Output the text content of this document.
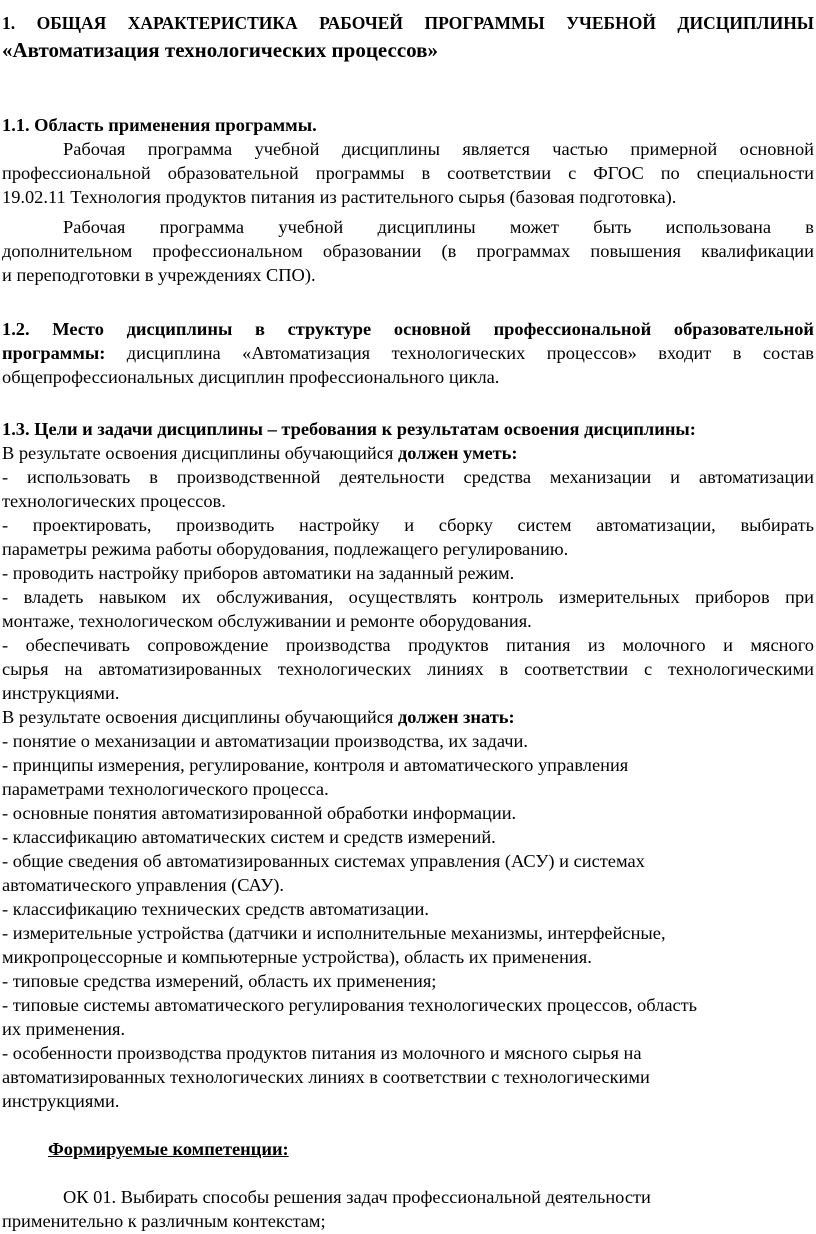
1. ОБЩАЯ ХАРАКТЕРИСТИКА РАБОЧЕЙ ПРОГРАММЫ УЧЕБНОЙ ДИСЦИПЛИНЫ
«Автоматизация технологических процессов»
1.1. Область применения программы.
Рабочая программа учебной дисциплины является частью примерной основной
профессиональной образовательной программы в соответствии с ФГОС по специальности
19.02.11 Технология продуктов питания из растительного сырья (базовая подготовка).
Рабочая программа учебной дисциплины может быть использована в
дополнительном профессиональном образовании (в программах повышения квалификации
и переподготовки в учреждениях СПО).
1.2. Место дисциплины в структуре основной профессиональной образовательной
программы: дисциплина «Автоматизация технологических процессов» входит в состав
общепрофессиональных дисциплин профессионального цикла.
1.3. Цели и задачи дисциплины – требования к результатам освоения дисциплины:
В результате освоения дисциплины обучающийся должен уметь:
- использовать в производственной деятельности средства механизации и автоматизации
технологических процессов.
- проектировать, производить настройку и сборку систем автоматизации, выбирать
параметры режима работы оборудования, подлежащего регулированию.
- проводить настройку приборов автоматики на заданный режим.
- владеть навыком их обслуживания, осуществлять контроль измерительных приборов при
монтаже, технологическом обслуживании и ремонте оборудования.
- обеспечивать сопровождение производства продуктов питания из молочного и мясного
сырья на автоматизированных технологических линиях в соответствии с технологическими
инструкциями.
В результате освоения дисциплины обучающийся должен знать:
- понятие о механизации и автоматизации производства, их задачи.
- принципы измерения, регулирование, контроля и автоматического управления
параметрами технологического процесса.
- основные понятия автоматизированной обработки информации.
- классификацию автоматических систем и средств измерений.
- общие сведения об автоматизированных системах управления (АСУ) и системах
автоматического управления (САУ).
- классификацию технических средств автоматизации.
- измерительные устройства (датчики и исполнительные механизмы, интерфейсные,
микропроцессорные и компьютерные устройства), область их применения.
- типовые средства измерений, область их применения;
- типовые системы автоматического регулирования технологических процессов, область
их применения.
- особенности производства продуктов питания из молочного и мясного сырья на
автоматизированных технологических линиях в соответствии с технологическими
инструкциями.
Формируемые компетенции:
ОК 01. Выбирать способы решения задач профессиональной деятельности
применительно к различным контекстам;
